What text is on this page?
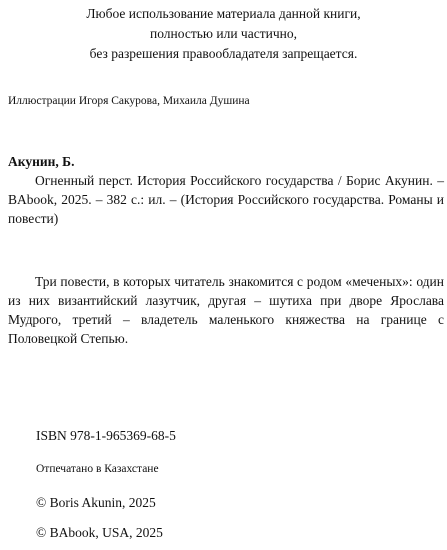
Любое использование материала данной книги,
полностью или частично,
без разрешения правообладателя запрещается.
Иллюстрации Игоря Сакурова, Михаила Душина

Акунин, Б.

Огненный перст. История Российского государства / Борис Акунин. – BAbook, 2025. – 382 с.: ил. – (История Российского государства. Романы и повести)

Три повести, в которых читатель знакомится с родом «меченых»: один из них византийский лазутчик, другая – шутиха при дворе Ярослава Мудрого, третий – владетель маленького княжества на границе с Половецкой Степью.

ISBN 978-1-965369-68-5
Отпечатано в Казахстане
© Boris Akunin, 2025
© BAbook, USA, 2025
